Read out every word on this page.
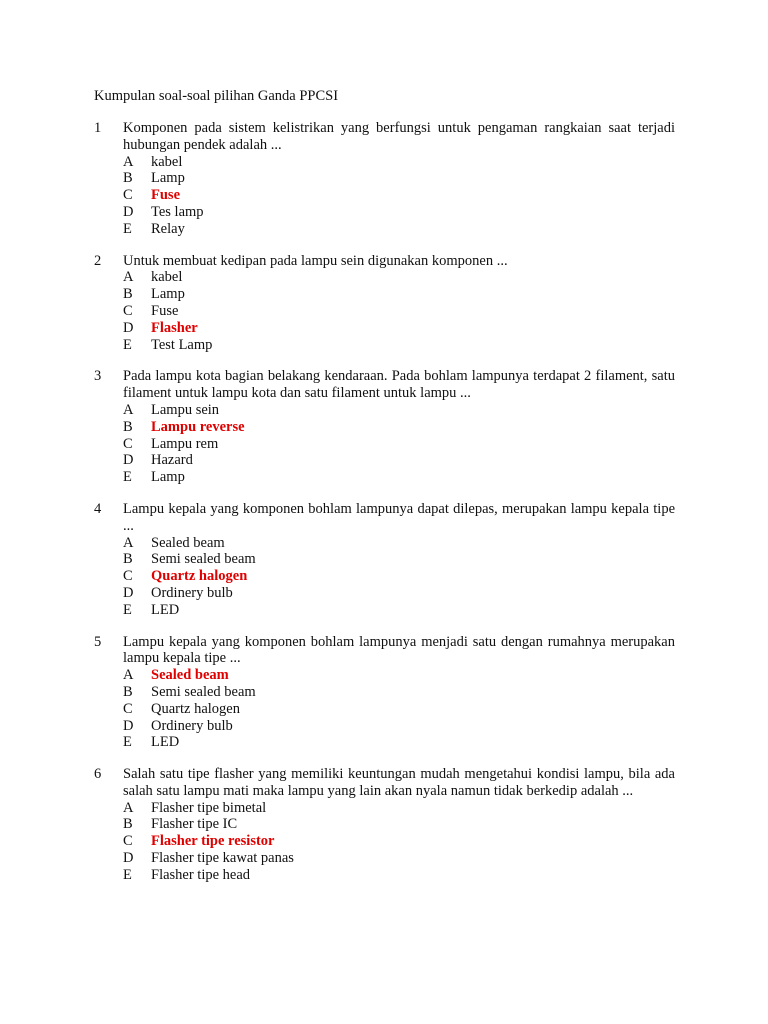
Kumpulan soal-soal pilihan Ganda PPCSI
1	Komponen pada sistem kelistrikan yang berfungsi untuk pengaman rangkaian saat terjadi hubungan pendek adalah ...
A	kabel
B	Lamp
C	Fuse
D	Tes lamp
E	Relay
2	Untuk membuat kedipan pada lampu sein digunakan komponen ...
A	kabel
B	Lamp
C	Fuse
D	Flasher
E	Test Lamp
3	Pada lampu kota bagian belakang kendaraan. Pada bohlam lampunya terdapat 2 filament, satu filament untuk lampu kota dan satu filament untuk lampu ...
A	Lampu sein
B	Lampu reverse
C	Lampu rem
D	Hazard
E	Lamp
4	Lampu kepala yang komponen bohlam lampunya dapat dilepas, merupakan lampu kepala tipe ...
A	Sealed beam
B	Semi sealed beam
C	Quartz halogen
D	Ordinery bulb
E	LED
5	Lampu kepala yang komponen bohlam lampunya menjadi satu dengan rumahnya merupakan lampu kepala tipe ...
A	Sealed beam
B	Semi sealed beam
C	Quartz halogen
D	Ordinery bulb
E	LED
6	Salah satu tipe flasher yang memiliki keuntungan mudah mengetahui kondisi lampu, bila ada salah satu lampu mati maka lampu yang lain akan nyala namun tidak berkedip adalah ...
A	Flasher tipe bimetal
B	Flasher tipe IC
C	Flasher tipe resistor
D	Flasher tipe kawat panas
E	Flasher tipe head
